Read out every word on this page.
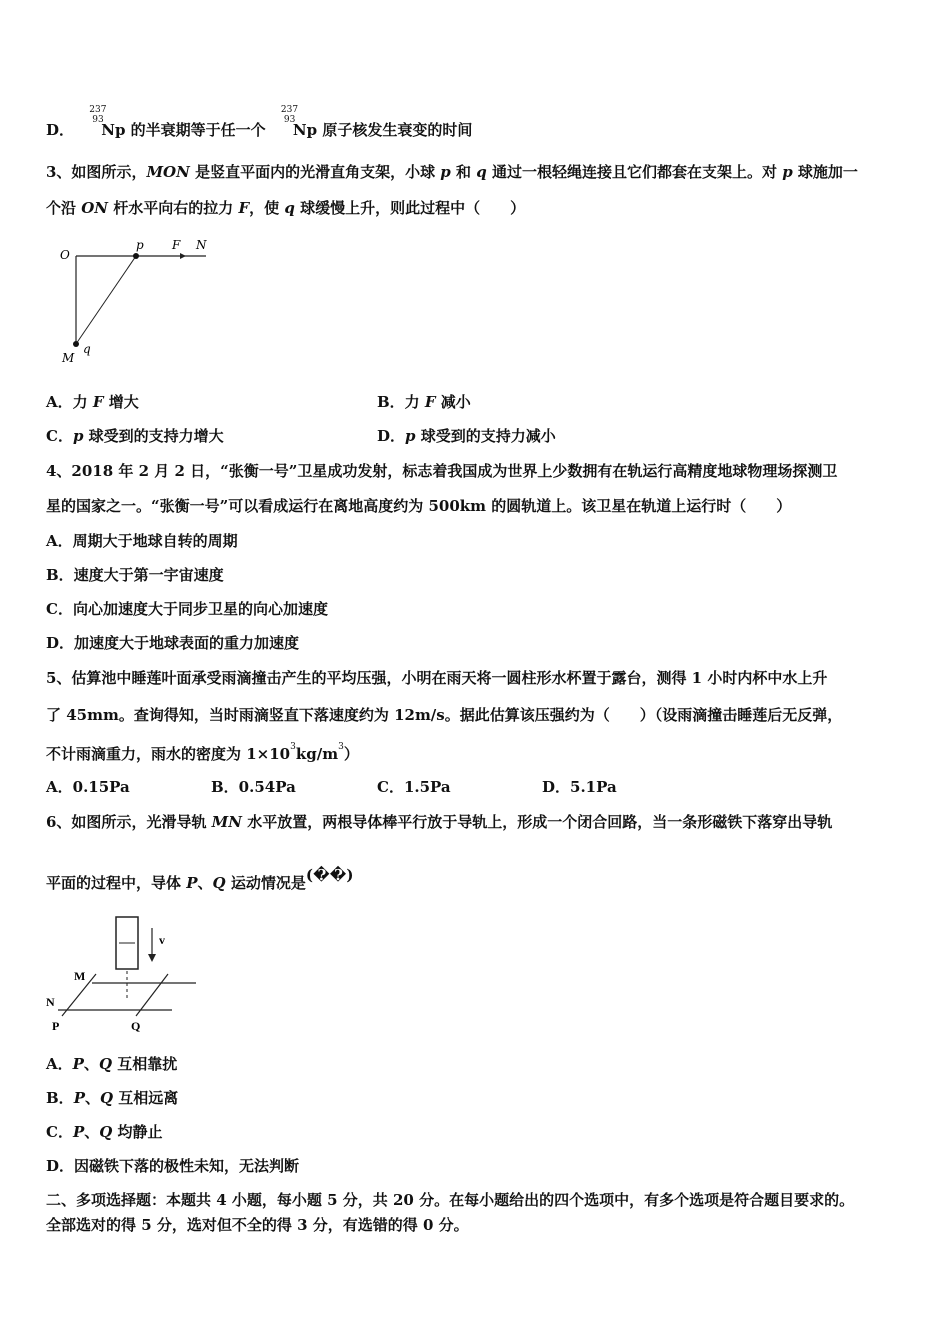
D．
237
93
Np 的半衰期等于任一个
237
93
Np 原子核发生衰变的时间
3、如图所示，MON 是竖直平面内的光滑直角支架，小球 p 和 q 通过一根轻绳连接且它们都套在支架上。对 p 球施加一
个沿 ON 杆水平向右的拉力 F，使 q 球缓慢上升，则此过程中（　　）
O
p F N
M
q
A．力 F 增大	B．力 F 减小
C．p 球受到的支持力增大	D．p 球受到的支持力减小
4、2018 年 2 月 2 日，“张衡一号”卫星成功发射，标志着我国成为世界上少数拥有在轨运行高精度地球物理场探测卫
星的国家之一。“张衡一号”可以看成运行在离地高度约为 500km 的圆轨道上。该卫星在轨道上运行时（　　）
A．周期大于地球自转的周期
B．速度大于第一宇宙速度
C．向心加速度大于同步卫星的向心加速度
D．加速度大于地球表面的重力加速度
5、估算池中睡莲叶面承受雨滴撞击产生的平均压强，小明在雨天将一圆柱形水杯置于露台，测得 1 小时内杯中水上升
了 45mm。查询得知，当时雨滴竖直下落速度约为 12m/s。据此估算该压强约为（　　）（设雨滴撞击睡莲后无反弹，
不计雨滴重力，雨水的密度为 $1\times 10^3kg/m^3$）
A．0.15Pa	B．0.54Pa	C．1.5Pa	D．5.1Pa
6、如图所示，光滑导轨 MN 水平放置，两根导体棒平行放于导轨上，形成一个闭合回路，当一条形磁铁下落穿出导轨
平面的过程中，导体 P、Q 运动情况是(��)
v
M
N
P	Q
A．P、Q 互相靠扰
B．P、Q 互相远离
C．P、Q 均静止
D．因磁铁下落的极性未知，无法判断
二、多项选择题：本题共 4 小题，每小题 5 分，共 20 分。在每小题给出的四个选项中，有多个选项是符合题目要求的。
全部选对的得 5 分，选对但不全的得 3 分，有选错的得 0 分。
